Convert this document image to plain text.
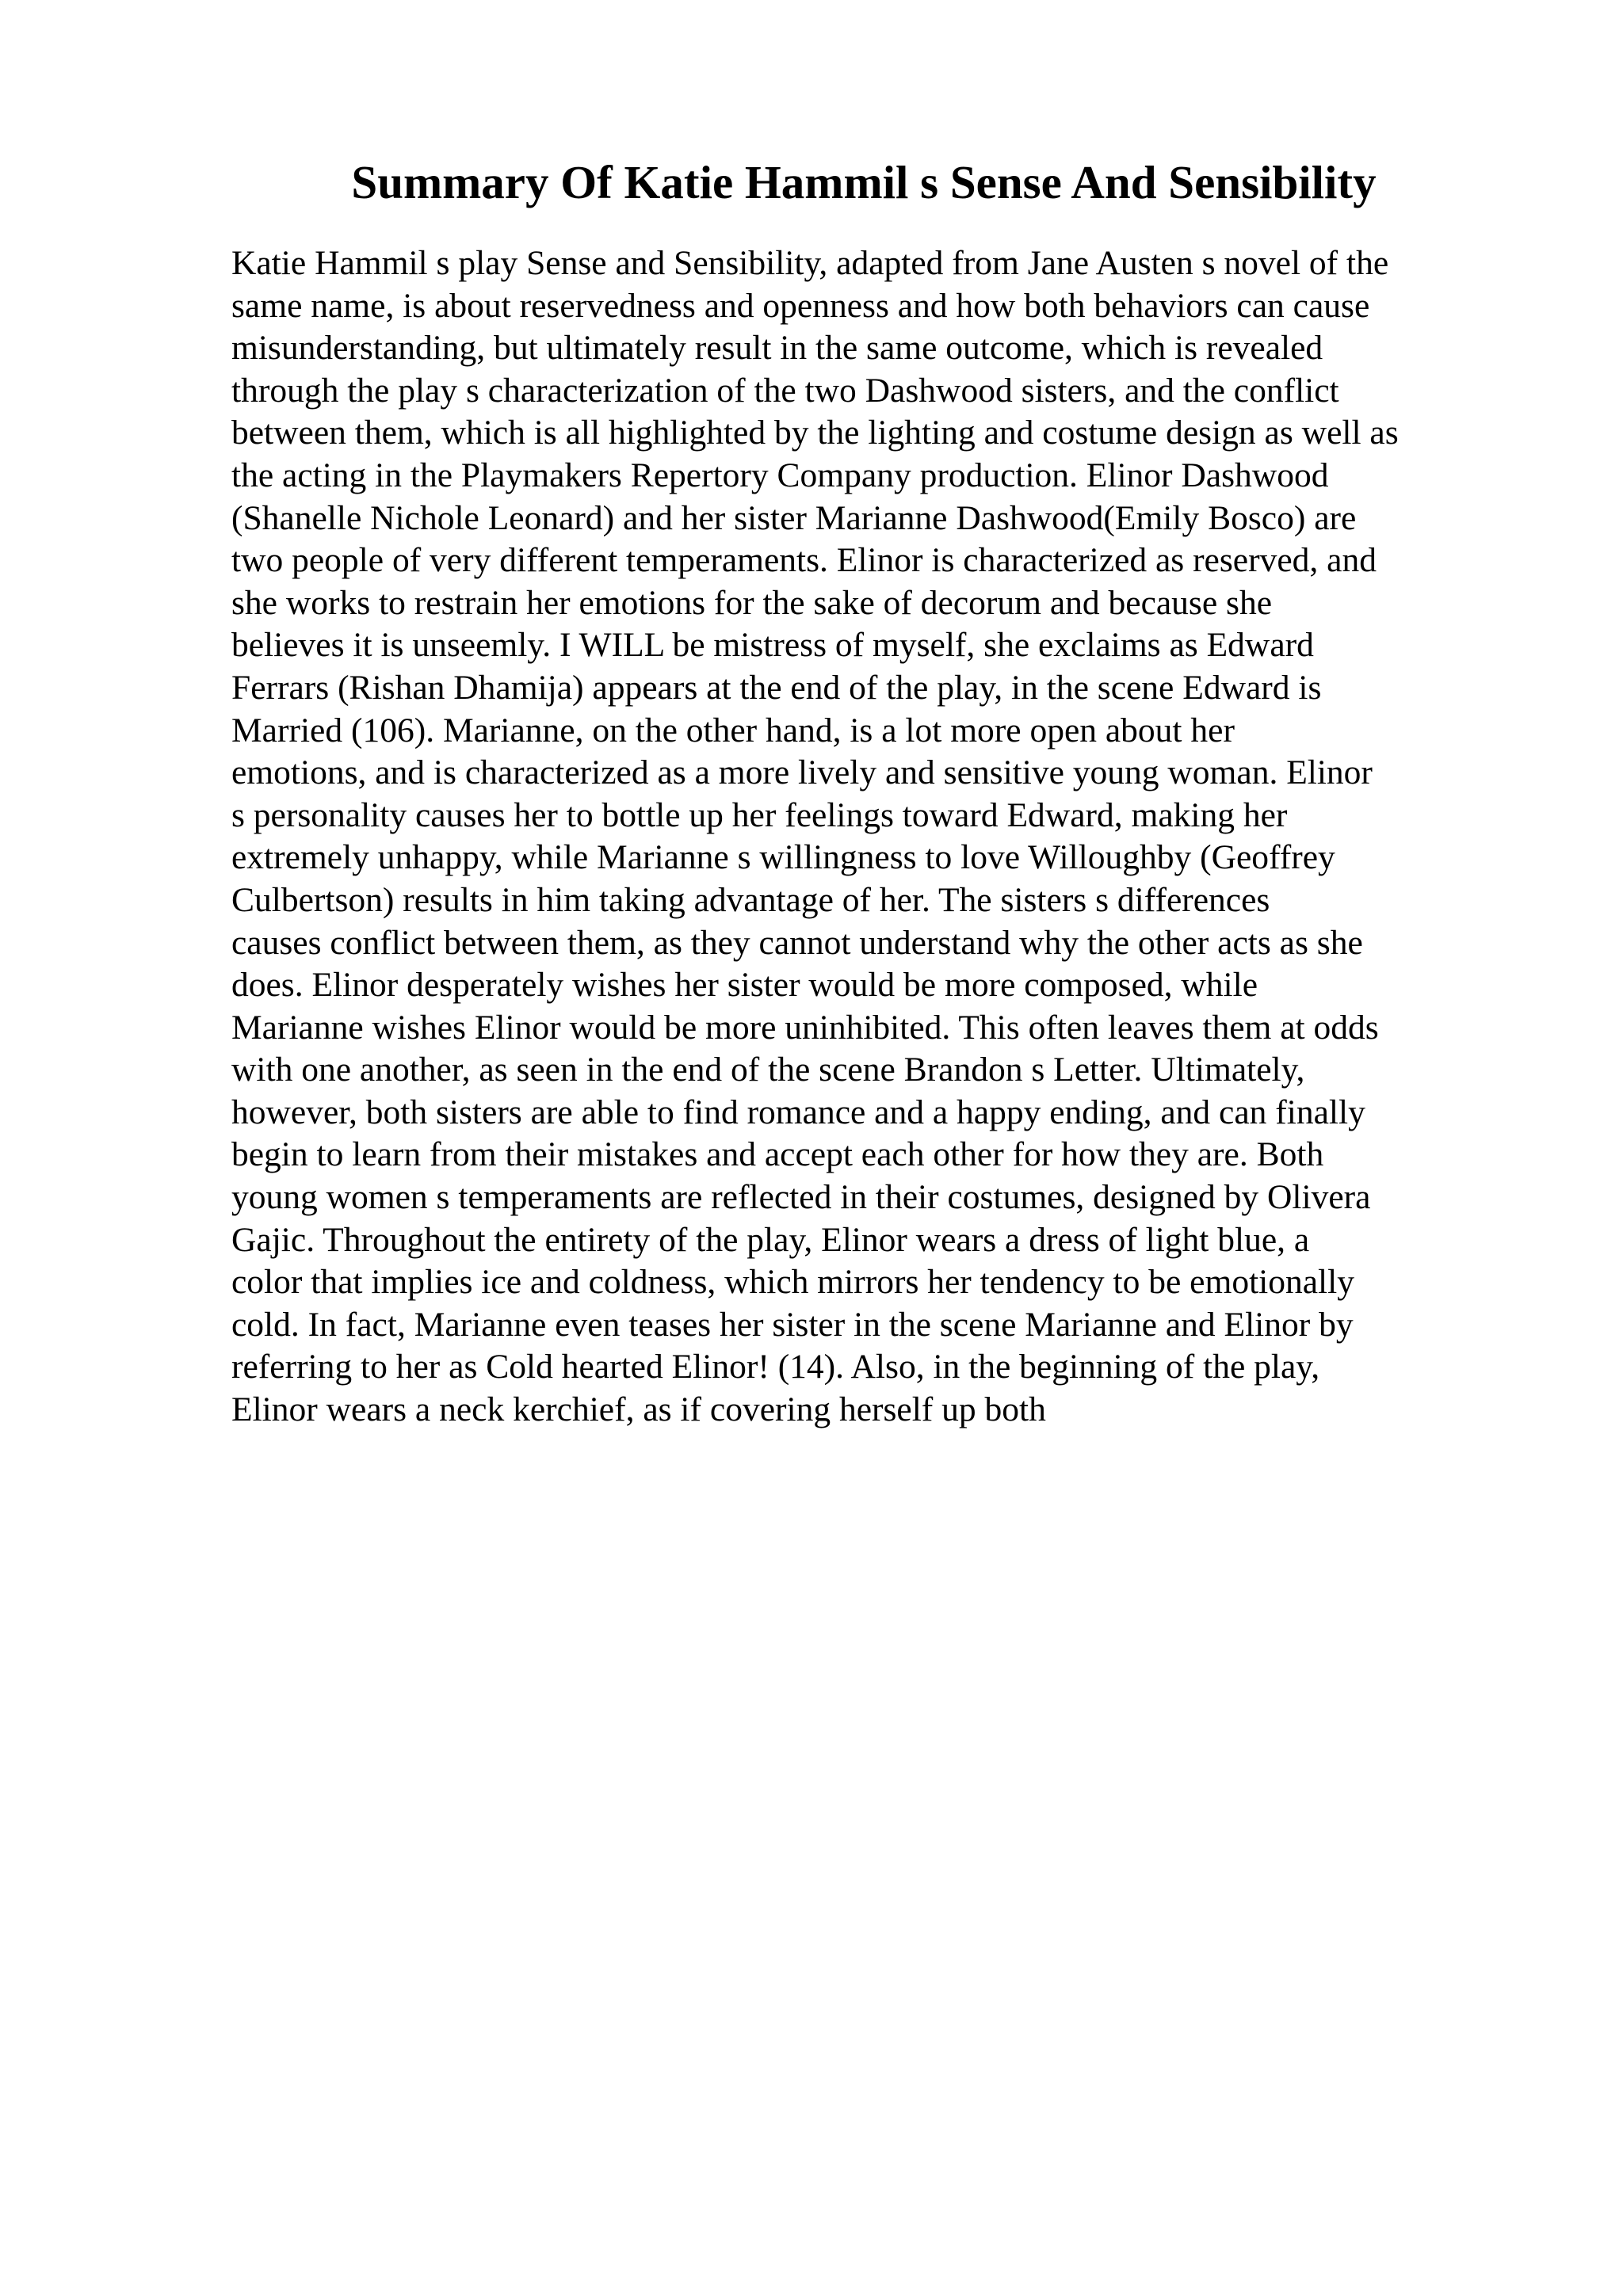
Summary Of Katie Hammil s Sense And Sensibility
Katie Hammil s play Sense and Sensibility, adapted from Jane Austen s novel of the
same name, is about reservedness and openness and how both behaviors can cause
misunderstanding, but ultimately result in the same outcome, which is revealed
through the play s characterization of the two Dashwood sisters, and the conflict
between them, which is all highlighted by the lighting and costume design as well as
the acting in the Playmakers Repertory Company production. Elinor Dashwood
(Shanelle Nichole Leonard) and her sister Marianne Dashwood(Emily Bosco) are
two people of very different temperaments. Elinor is characterized as reserved, and
she works to restrain her emotions for the sake of decorum and because she
believes it is unseemly. I WILL be mistress of myself, she exclaims as Edward
Ferrars (Rishan Dhamija) appears at the end of the play, in the scene Edward is
Married (106). Marianne, on the other hand, is a lot more open about her
emotions, and is characterized as a more lively and sensitive young woman. Elinor
s personality causes her to bottle up her feelings toward Edward, making her
extremely unhappy, while Marianne s willingness to love Willoughby (Geoffrey
Culbertson) results in him taking advantage of her. The sisters s differences
causes conflict between them, as they cannot understand why the other acts as she
does. Elinor desperately wishes her sister would be more composed, while
Marianne wishes Elinor would be more uninhibited. This often leaves them at odds
with one another, as seen in the end of the scene Brandon s Letter. Ultimately,
however, both sisters are able to find romance and a happy ending, and can finally
begin to learn from their mistakes and accept each other for how they are. Both
young women s temperaments are reflected in their costumes, designed by Olivera
Gajic. Throughout the entirety of the play, Elinor wears a dress of light blue, a
color that implies ice and coldness, which mirrors her tendency to be emotionally
cold. In fact, Marianne even teases her sister in the scene Marianne and Elinor by
referring to her as Cold hearted Elinor! (14). Also, in the beginning of the play,
Elinor wears a neck kerchief, as if covering herself up both
